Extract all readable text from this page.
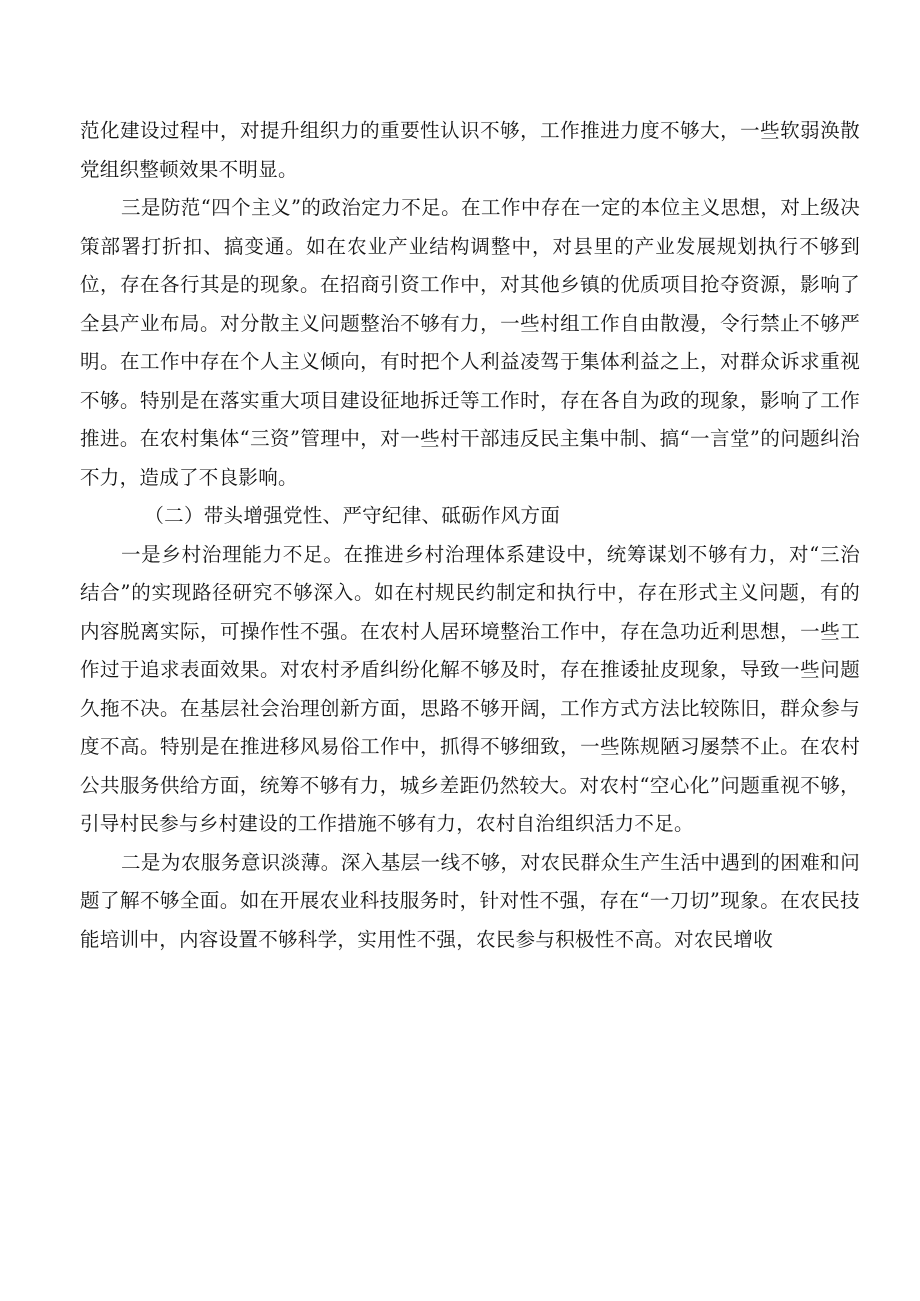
范化建设过程中，对提升组织力的重要性认识不够，工作推进力度不够大，一些软弱涣散党组织整顿效果不明显。

三是防范“四个主义”的政治定力不足。在工作中存在一定的本位主义思想，对上级决策部署打折扣、搞变通。如在农业产业结构调整中，对县里的产业发展规划执行不够到位，存在各行其是的现象。在招商引资工作中，对其他乡镇的优质项目抢夺资源，影响了全县产业布局。对分散主义问题整治不够有力，一些村组工作自由散漫，令行禁止不够严明。在工作中存在个人主义倾向，有时把个人利益凌驾于集体利益之上，对群众诉求重视不够。特别是在落实重大项目建设征地拆迁等工作时，存在各自为政的现象，影响了工作推进。在农村集体“三资”管理中，对一些村干部违反民主集中制、搞“一言堂”的问题纠治不力，造成了不良影响。

（二）带头增强党性、严守纪律、砥砺作风方面

一是乡村治理能力不足。在推进乡村治理体系建设中，统筹谋划不够有力，对“三治结合”的实现路径研究不够深入。如在村规民约制定和执行中，存在形式主义问题，有的内容脱离实际，可操作性不强。在农村人居环境整治工作中，存在急功近利思想，一些工作过于追求表面效果。对农村矛盾纠纷化解不够及时，存在推诿扯皮现象，导致一些问题久拖不决。在基层社会治理创新方面，思路不够开阔，工作方式方法比较陈旧，群众参与度不高。特别是在推进移风易俗工作中，抓得不够细致，一些陈规陋习屡禁不止。在农村公共服务供给方面，统筹不够有力，城乡差距仍然较大。对农村“空心化”问题重视不够，引导村民参与乡村建设的工作措施不够有力，农村自治组织活力不足。

二是为农服务意识淡薄。深入基层一线不够，对农民群众生产生活中遇到的困难和问题了解不够全面。如在开展农业科技服务时，针对性不强，存在“一刀切”现象。在农民技能培训中，内容设置不够科学，实用性不强，农民参与积极性不高。对农民增收
